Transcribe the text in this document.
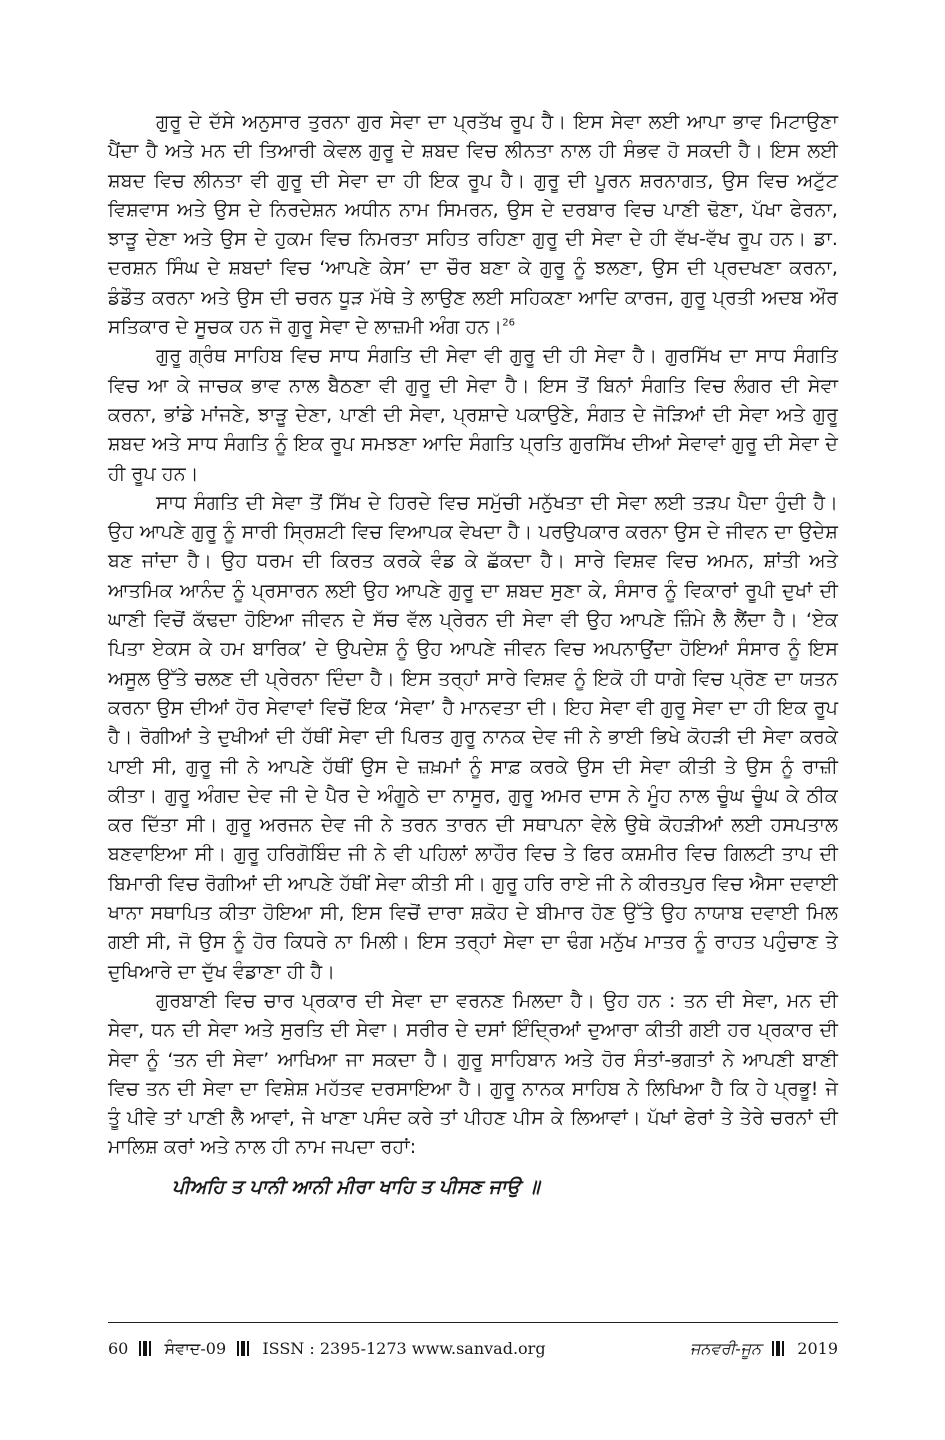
ਗੁਰੂ ਦੇ ਦੱਸੇ ਅਨੁਸਾਰ ਤੁਰਨਾ ਗੁਰ ਸੇਵਾ ਦਾ ਪ੍ਰਤੱਖ ਰੂਪ ਹੈ। ਇਸ ਸੇਵਾ ਲਈ ਆਪਾ ਭਾਵ ਮਿਟਾਉਣਾ ਪੈਂਦਾ ਹੈ ਅਤੇ ਮਨ ਦੀ ਤਿਆਰੀ ਕੇਵਲ ਗੁਰੂ ਦੇ ਸ਼ਬਦ ਵਿਚ ਲੀਨਤਾ ਨਾਲ ਹੀ ਸੰਭਵ ਹੋ ਸਕਦੀ ਹੈ। ਇਸ ਲਈ ਸ਼ਬਦ ਵਿਚ ਲੀਨਤਾ ਵੀ ਗੁਰੂ ਦੀ ਸੇਵਾ ਦਾ ਹੀ ਇਕ ਰੂਪ ਹੈ। ਗੁਰੂ ਦੀ ਪੂਰਨ ਸ਼ਰਨਾਗਤ, ਉਸ ਵਿਚ ਅਟੁੱਟ ਵਿਸ਼ਵਾਸ ਅਤੇ ਉਸ ਦੇ ਨਿਰਦੇਸ਼ਨ ਅਧੀਨ ਨਾਮ ਸਿਮਰਨ, ਉਸ ਦੇ ਦਰਬਾਰ ਵਿਚ ਪਾਣੀ ਢੋਣਾ, ਪੱਖਾ ਫੇਰਨਾ, ਝਾੜੂ ਦੇਣਾ ਅਤੇ ਉਸ ਦੇ ਹੁਕਮ ਵਿਚ ਨਿਮਰਤਾ ਸਹਿਤ ਰਹਿਣਾ ਗੁਰੂ ਦੀ ਸੇਵਾ ਦੇ ਹੀ ਵੱਖ-ਵੱਖ ਰੂਪ ਹਨ। ਡਾ. ਦਰਸ਼ਨ ਸਿੰਘ ਦੇ ਸ਼ਬਦਾਂ ਵਿਚ ‘ਆਪਣੇ ਕੇਸ’ ਦਾ ਚੌਰ ਬਣਾ ਕੇ ਗੁਰੂ ਨੂੰ ਝਲਣਾ, ਉਸ ਦੀ ਪ੍ਰਦਖਣਾ ਕਰਨਾ, ਡੰਡੌਤ ਕਰਨਾ ਅਤੇ ਉਸ ਦੀ ਚਰਨ ਧੂੜ ਮੱਥੇ ਤੇ ਲਾਉਣ ਲਈ ਸਹਿਕਣਾ ਆਦਿ ਕਾਰਜ, ਗੁਰੂ ਪ੍ਰਤੀ ਅਦਬ ਔਰ ਸਤਿਕਾਰ ਦੇ ਸੂਚਕ ਹਨ ਜੋ ਗੁਰੂ ਸੇਵਾ ਦੇ ਲਾਜ਼ਮੀ ਅੰਗ ਹਨ।$^{26}$

ਗੁਰੂ ਗ੍ਰੰਥ ਸਾਹਿਬ ਵਿਚ ਸਾਧ ਸੰਗਤਿ ਦੀ ਸੇਵਾ ਵੀ ਗੁਰੂ ਦੀ ਹੀ ਸੇਵਾ ਹੈ। ਗੁਰਸਿੱਖ ਦਾ ਸਾਧ ਸੰਗਤਿ ਵਿਚ ਆ ਕੇ ਜਾਚਕ ਭਾਵ ਨਾਲ ਬੈਠਣਾ ਵੀ ਗੁਰੂ ਦੀ ਸੇਵਾ ਹੈ। ਇਸ ਤੋਂ ਬਿਨਾਂ ਸੰਗਤਿ ਵਿਚ ਲੰਗਰ ਦੀ ਸੇਵਾ ਕਰਨਾ, ਭਾਂਡੇ ਮਾਂਜਣੇ, ਝਾੜੂ ਦੇਣਾ, ਪਾਣੀ ਦੀ ਸੇਵਾ, ਪ੍ਰਸ਼ਾਦੇ ਪਕਾਉਣੇ, ਸੰਗਤ ਦੇ ਜੋੜਿਆਂ ਦੀ ਸੇਵਾ ਅਤੇ ਗੁਰੂ ਸ਼ਬਦ ਅਤੇ ਸਾਧ ਸੰਗਤਿ ਨੂੰ ਇਕ ਰੂਪ ਸਮਝਣਾ ਆਦਿ ਸੰਗਤਿ ਪ੍ਰਤਿ ਗੁਰਸਿੱਖ ਦੀਆਂ ਸੇਵਾਵਾਂ ਗੁਰੂ ਦੀ ਸੇਵਾ ਦੇ ਹੀ ਰੂਪ ਹਨ।

ਸਾਧ ਸੰਗਤਿ ਦੀ ਸੇਵਾ ਤੋਂ ਸਿੱਖ ਦੇ ਹਿਰਦੇ ਵਿਚ ਸਮੁੱਚੀ ਮਨੁੱਖਤਾ ਦੀ ਸੇਵਾ ਲਈ ਤੜਪ ਪੈਦਾ ਹੁੰਦੀ ਹੈ। ਉਹ ਆਪਣੇ ਗੁਰੂ ਨੂੰ ਸਾਰੀ ਸ੍ਰਿਸ਼ਟੀ ਵਿਚ ਵਿਆਪਕ ਵੇਖਦਾ ਹੈ। ਪਰਉਪਕਾਰ ਕਰਨਾ ਉਸ ਦੇ ਜੀਵਨ ਦਾ ਉਦੇਸ਼ ਬਣ ਜਾਂਦਾ ਹੈ। ਉਹ ਧਰਮ ਦੀ ਕਿਰਤ ਕਰਕੇ ਵੰਡ ਕੇ ਛੱਕਦਾ ਹੈ। ਸਾਰੇ ਵਿਸ਼ਵ ਵਿਚ ਅਮਨ, ਸ਼ਾਂਤੀ ਅਤੇ ਆਤਮਿਕ ਆਨੰਦ ਨੂੰ ਪ੍ਰਸਾਰਨ ਲਈ ਉਹ ਆਪਣੇ ਗੁਰੂ ਦਾ ਸ਼ਬਦ ਸੁਣਾ ਕੇ, ਸੰਸਾਰ ਨੂੰ ਵਿਕਾਰਾਂ ਰੂਪੀ ਦੁਖਾਂ ਦੀ ਘਾਣੀ ਵਿਚੋਂ ਕੱਢਦਾ ਹੋਇਆ ਜੀਵਨ ਦੇ ਸੱਚ ਵੱਲ ਪ੍ਰੇਰਨ ਦੀ ਸੇਵਾ ਵੀ ਉਹ ਆਪਣੇ ਜ਼ਿੰਮੇ ਲੈ ਲੈਂਦਾ ਹੈ। ‘ਏਕ ਪਿਤਾ ਏਕਸ ਕੇ ਹਮ ਬਾਰਿਕ’ ਦੇ ਉਪਦੇਸ਼ ਨੂੰ ਉਹ ਆਪਣੇ ਜੀਵਨ ਵਿਚ ਅਪਨਾਉਂਦਾ ਹੋਇਆਂ ਸੰਸਾਰ ਨੂੰ ਇਸ ਅਸੂਲ ਉੱਤੇ ਚਲਣ ਦੀ ਪ੍ਰੇਰਨਾ ਦਿੰਦਾ ਹੈ। ਇਸ ਤਰ੍ਹਾਂ ਸਾਰੇ ਵਿਸ਼ਵ ਨੂੰ ਇਕੋ ਹੀ ਧਾਗੇ ਵਿਚ ਪ੍ਰੋਣ ਦਾ ਯਤਨ ਕਰਨਾ ਉਸ ਦੀਆਂ ਹੋਰ ਸੇਵਾਵਾਂ ਵਿਚੋਂ ਇਕ ‘ਸੇਵਾ’ ਹੈ ਮਾਨਵਤਾ ਦੀ। ਇਹ ਸੇਵਾ ਵੀ ਗੁਰੂ ਸੇਵਾ ਦਾ ਹੀ ਇਕ ਰੂਪ ਹੈ। ਰੋਗੀਆਂ ਤੇ ਦੁਖੀਆਂ ਦੀ ਹੱਥੀਂ ਸੇਵਾ ਦੀ ਪਿਰਤ ਗੁਰੂ ਨਾਨਕ ਦੇਵ ਜੀ ਨੇ ਭਾਈ ਭਿਖੇ ਕੋਹੜੀ ਦੀ ਸੇਵਾ ਕਰਕੇ ਪਾਈ ਸੀ, ਗੁਰੂ ਜੀ ਨੇ ਆਪਣੇ ਹੱਥੀਂ ਉਸ ਦੇ ਜ਼ਖ਼ਮਾਂ ਨੂੰ ਸਾਫ਼ ਕਰਕੇ ਉਸ ਦੀ ਸੇਵਾ ਕੀਤੀ ਤੇ ਉਸ ਨੂੰ ਰਾਜ਼ੀ ਕੀਤਾ। ਗੁਰੂ ਅੰਗਦ ਦੇਵ ਜੀ ਦੇ ਪੈਰ ਦੇ ਅੰਗੂਠੇ ਦਾ ਨਾਸੂਰ, ਗੁਰੂ ਅਮਰ ਦਾਸ ਨੇ ਮੂੰਹ ਨਾਲ ਚੂੰਘ ਚੂੰਘ ਕੇ ਠੀਕ ਕਰ ਦਿੱਤਾ ਸੀ। ਗੁਰੂ ਅਰਜਨ ਦੇਵ ਜੀ ਨੇ ਤਰਨ ਤਾਰਨ ਦੀ ਸਥਾਪਨਾ ਵੇਲੇ ਉਥੇ ਕੋਹੜੀਆਂ ਲਈ ਹਸਪਤਾਲ ਬਣਵਾਇਆ ਸੀ। ਗੁਰੂ ਹਰਿਗੋਬਿੰਦ ਜੀ ਨੇ ਵੀ ਪਹਿਲਾਂ ਲਾਹੌਰ ਵਿਚ ਤੇ ਫਿਰ ਕਸ਼ਮੀਰ ਵਿਚ ਗਿਲਟੀ ਤਾਪ ਦੀ ਬਿਮਾਰੀ ਵਿਚ ਰੋਗੀਆਂ ਦੀ ਆਪਣੇ ਹੱਥੀਂ ਸੇਵਾ ਕੀਤੀ ਸੀ। ਗੁਰੂ ਹਰਿ ਰਾਏ ਜੀ ਨੇ ਕੀਰਤਪੁਰ ਵਿਚ ਐਸਾ ਦਵਾਈ ਖਾਨਾ ਸਥਾਪਿਤ ਕੀਤਾ ਹੋਇਆ ਸੀ, ਇਸ ਵਿਚੋਂ ਦਾਰਾ ਸ਼ਕੋਹ ਦੇ ਬੀਮਾਰ ਹੋਣ ਉੱਤੇ ਉਹ ਨਾਯਾਬ ਦਵਾਈ ਮਿਲ ਗਈ ਸੀ, ਜੋ ਉਸ ਨੂੰ ਹੋਰ ਕਿਧਰੇ ਨਾ ਮਿਲੀ। ਇਸ ਤਰ੍ਹਾਂ ਸੇਵਾ ਦਾ ਢੰਗ ਮਨੁੱਖ ਮਾਤਰ ਨੂੰ ਰਾਹਤ ਪਹੁੰਚਾਣ ਤੇ ਦੁਖਿਆਰੇ ਦਾ ਦੁੱਖ ਵੰਡਾਣਾ ਹੀ ਹੈ।

ਗੁਰਬਾਣੀ ਵਿਚ ਚਾਰ ਪ੍ਰਕਾਰ ਦੀ ਸੇਵਾ ਦਾ ਵਰਨਣ ਮਿਲਦਾ ਹੈ। ਉਹ ਹਨ : ਤਨ ਦੀ ਸੇਵਾ, ਮਨ ਦੀ ਸੇਵਾ, ਧਨ ਦੀ ਸੇਵਾ ਅਤੇ ਸੁਰਤਿ ਦੀ ਸੇਵਾ। ਸਰੀਰ ਦੇ ਦਸਾਂ ਇੰਦ੍ਰਿਆਂ ਦੁਆਰਾ ਕੀਤੀ ਗਈ ਹਰ ਪ੍ਰਕਾਰ ਦੀ ਸੇਵਾ ਨੂੰ ‘ਤਨ ਦੀ ਸੇਵਾ’ ਆਖਿਆ ਜਾ ਸਕਦਾ ਹੈ। ਗੁਰੂ ਸਾਹਿਬਾਨ ਅਤੇ ਹੋਰ ਸੰਤਾਂ-ਭਗਤਾਂ ਨੇ ਆਪਣੀ ਬਾਣੀ ਵਿਚ ਤਨ ਦੀ ਸੇਵਾ ਦਾ ਵਿਸ਼ੇਸ਼ ਮਹੱਤਵ ਦਰਸਾਇਆ ਹੈ। ਗੁਰੂ ਨਾਨਕ ਸਾਹਿਬ ਨੇ ਲਿਖਿਆ ਹੈ ਕਿ ਹੇ ਪ੍ਰਭੂ! ਜੇ ਤੂੰ ਪੀਵੇ ਤਾਂ ਪਾਣੀ ਲੈ ਆਵਾਂ, ਜੇ ਖਾਣਾ ਪਸੰਦ ਕਰੇ ਤਾਂ ਪੀਹਣ ਪੀਸ ਕੇ ਲਿਆਵਾਂ। ਪੱਖਾਂ ਫੇਰਾਂ ਤੇ ਤੇਰੇ ਚਰਨਾਂ ਦੀ ਮਾਲਿਸ਼ ਕਰਾਂ ਅਤੇ ਨਾਲ ਹੀ ਨਾਮ ਜਪਦਾ ਰਹਾਂ:

ਪੀਅਹਿ ਤ ਪਾਨੀ ਆਨੀ ਮੀਰਾ ਖਾਹਿ ਤ ਪੀਸਣ ਜਾਉ ॥

60 ਸੰਵਾਦ-09 ISSN : 2395-1273 www.sanvad.org	ਜਨਵਰੀ-ਜੂਨ 2019
